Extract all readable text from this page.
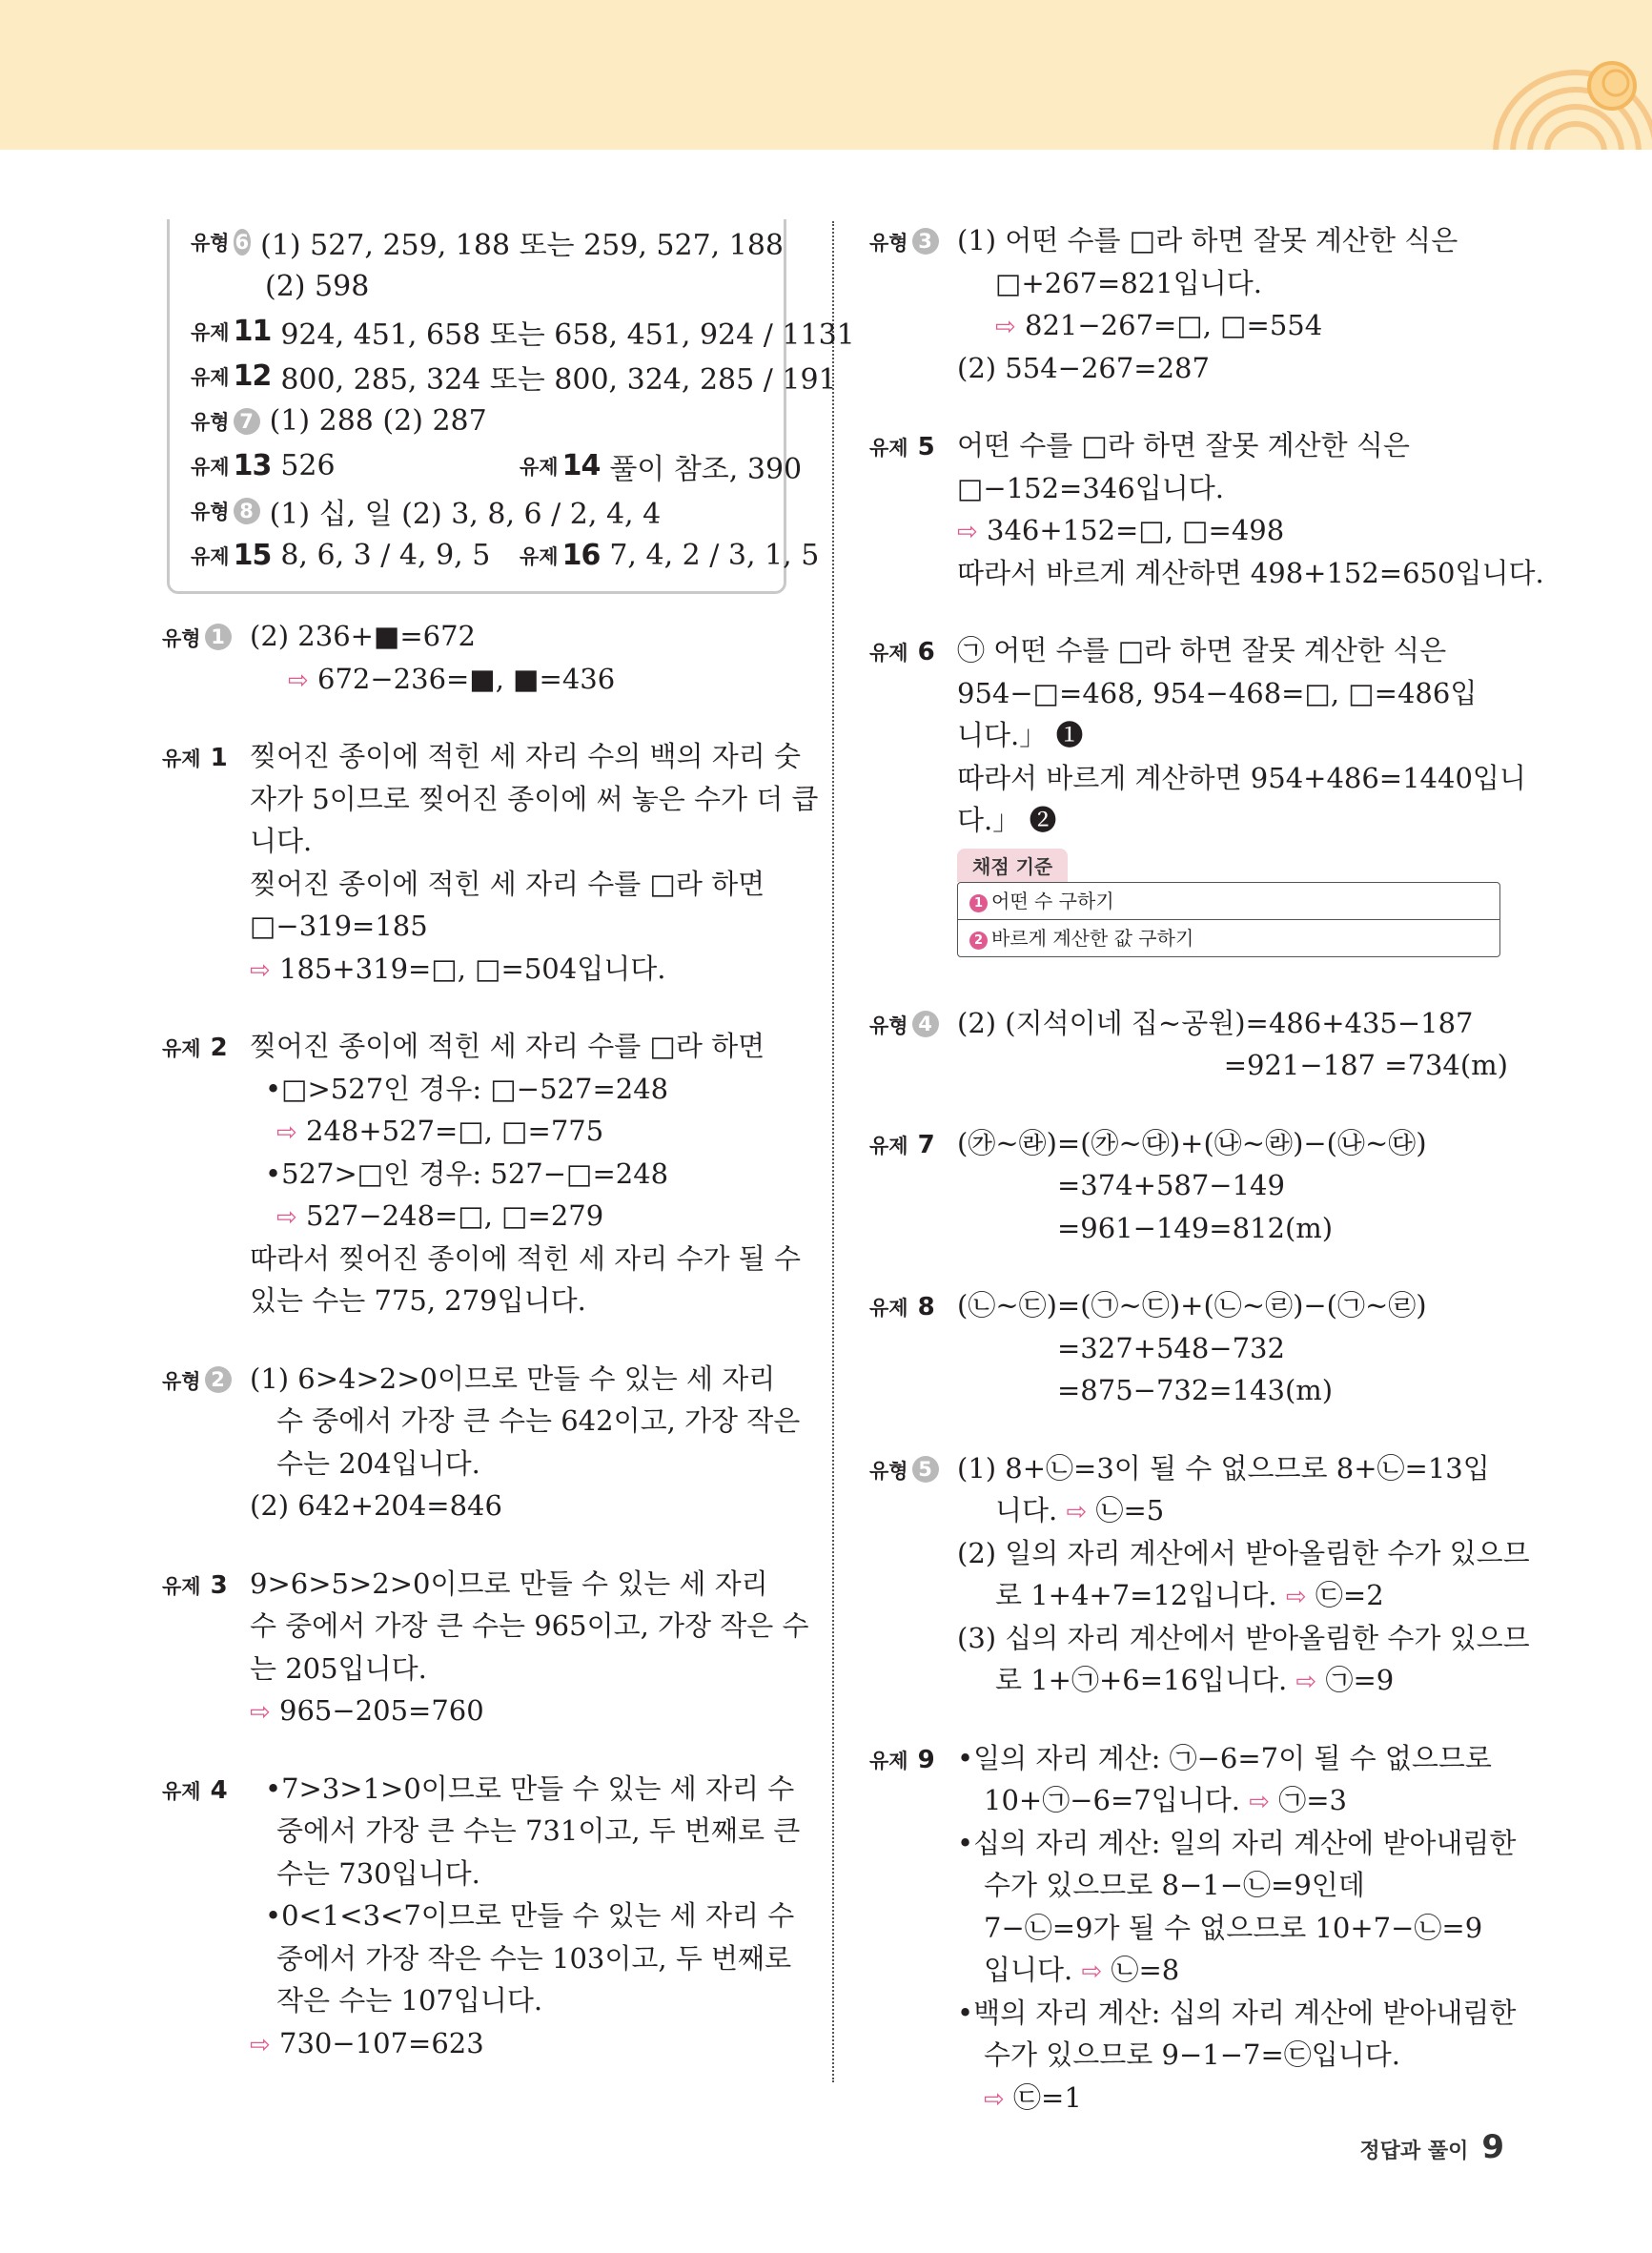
유형 6 (1) 527, 259, 188 또는 259, 527, 188
(2) 598
유제 11 924, 451, 658 또는 658, 451, 924 / 1131
유제 12 800, 285, 324 또는 800, 324, 285 / 191
유형 7 (1) 288 (2) 287
유제 13 526	유제 14 풀이 참조, 390
유형 8 (1) 십, 일 (2) 3, 8, 6 / 2, 4, 4
유제 15 8, 6, 3 / 4, 9, 5 유제 16 7, 4, 2 / 3, 1, 5
유형 1 (2) 236+■=672
⇨ 672−236=■, ■=436
유제 1 찢어진 종이에 적힌 세 자리 수의 백의 자리 숫
자가 5이므로 찢어진 종이에 써 놓은 수가 더 큽
니다.
찢어진 종이에 적힌 세 자리 수를 □라 하면
□−319=185
⇨ 185+319=□, □=504입니다.
유제 2 찢어진 종이에 적힌 세 자리 수를 □라 하면
•□>527인 경우: □−527=248
⇨ 248+527=□, □=775
•527>□인 경우: 527−□=248
⇨ 527−248=□, □=279
따라서 찢어진 종이에 적힌 세 자리 수가 될 수
있는 수는 775, 279입니다.
유형 2 (1) 6>4>2>0이므로 만들 수 있는 세 자리
수 중에서 가장 큰 수는 642이고, 가장 작은
수는 204입니다.
(2) 642+204=846
유제 3 9>6>5>2>0이므로 만들 수 있는 세 자리
수 중에서 가장 큰 수는 965이고, 가장 작은 수
는 205입니다.
⇨ 965−205=760
유제 4	•7>3>1>0이므로 만들 수 있는 세 자리 수
중에서 가장 큰 수는 731이고, 두 번째로 큰
수는 730입니다.
•0<1<3<7이므로 만들 수 있는 세 자리 수
중에서 가장 작은 수는 103이고, 두 번째로
작은 수는 107입니다.
⇨ 730−107=623
유형 3 (1) 어떤 수를 □라 하면 잘못 계산한 식은
□+267=821입니다.
⇨ 821−267=□, □=554
(2) 554−267=287
유제 5 어떤 수를 □라 하면 잘못 계산한 식은
□−152=346입니다.
⇨ 346+152=□, □=498
따라서 바르게 계산하면 498+152=650입니다.
유제 6 ㉠ 어떤 수를 □라 하면 잘못 계산한 식은
954−□=468, 954−468=□, □=486입
니다.」 ❶
따라서 바르게 계산하면 954+486=1440입니
다.」 ❷
채점 기준
1 어떤 수 구하기
2 바르게 계산한 값 구하기
유형 4 (2) (지석이네 집~공원)=486+435−187
=921−187 =734(m)
유제 7 (㉮~㉱)=(㉮~㉰)+(㉯~㉱)−(㉯~㉰)
=374+587−149
=961−149=812(m)
유제 8 (㉡~㉢)=(㉠~㉢)+(㉡~㉣)−(㉠~㉣)
=327+548−732
=875−732=143(m)
유형 5 (1) 8+㉡=3이 될 수 없으므로 8+㉡=13입
니다. ⇨ ㉡=5
(2) 일의 자리 계산에서 받아올림한 수가 있으므
로 1+4+7=12입니다. ⇨ ㉢=2
(3) 십의 자리 계산에서 받아올림한 수가 있으므
로 1+㉠+6=16입니다. ⇨ ㉠=9
유제 9 •일의 자리 계산: ㉠−6=7이 될 수 없으므로
10+㉠−6=7입니다. ⇨ ㉠=3
•십의 자리 계산: 일의 자리 계산에 받아내림한
수가 있으므로 8−1−㉡=9인데
7−㉡=9가 될 수 없으므로 10+7−㉡=9
입니다. ⇨ ㉡=8
•백의 자리 계산: 십의 자리 계산에 받아내림한
수가 있으므로 9−1−7=㉢입니다.
⇨ ㉢=1
정답과 풀이 9
